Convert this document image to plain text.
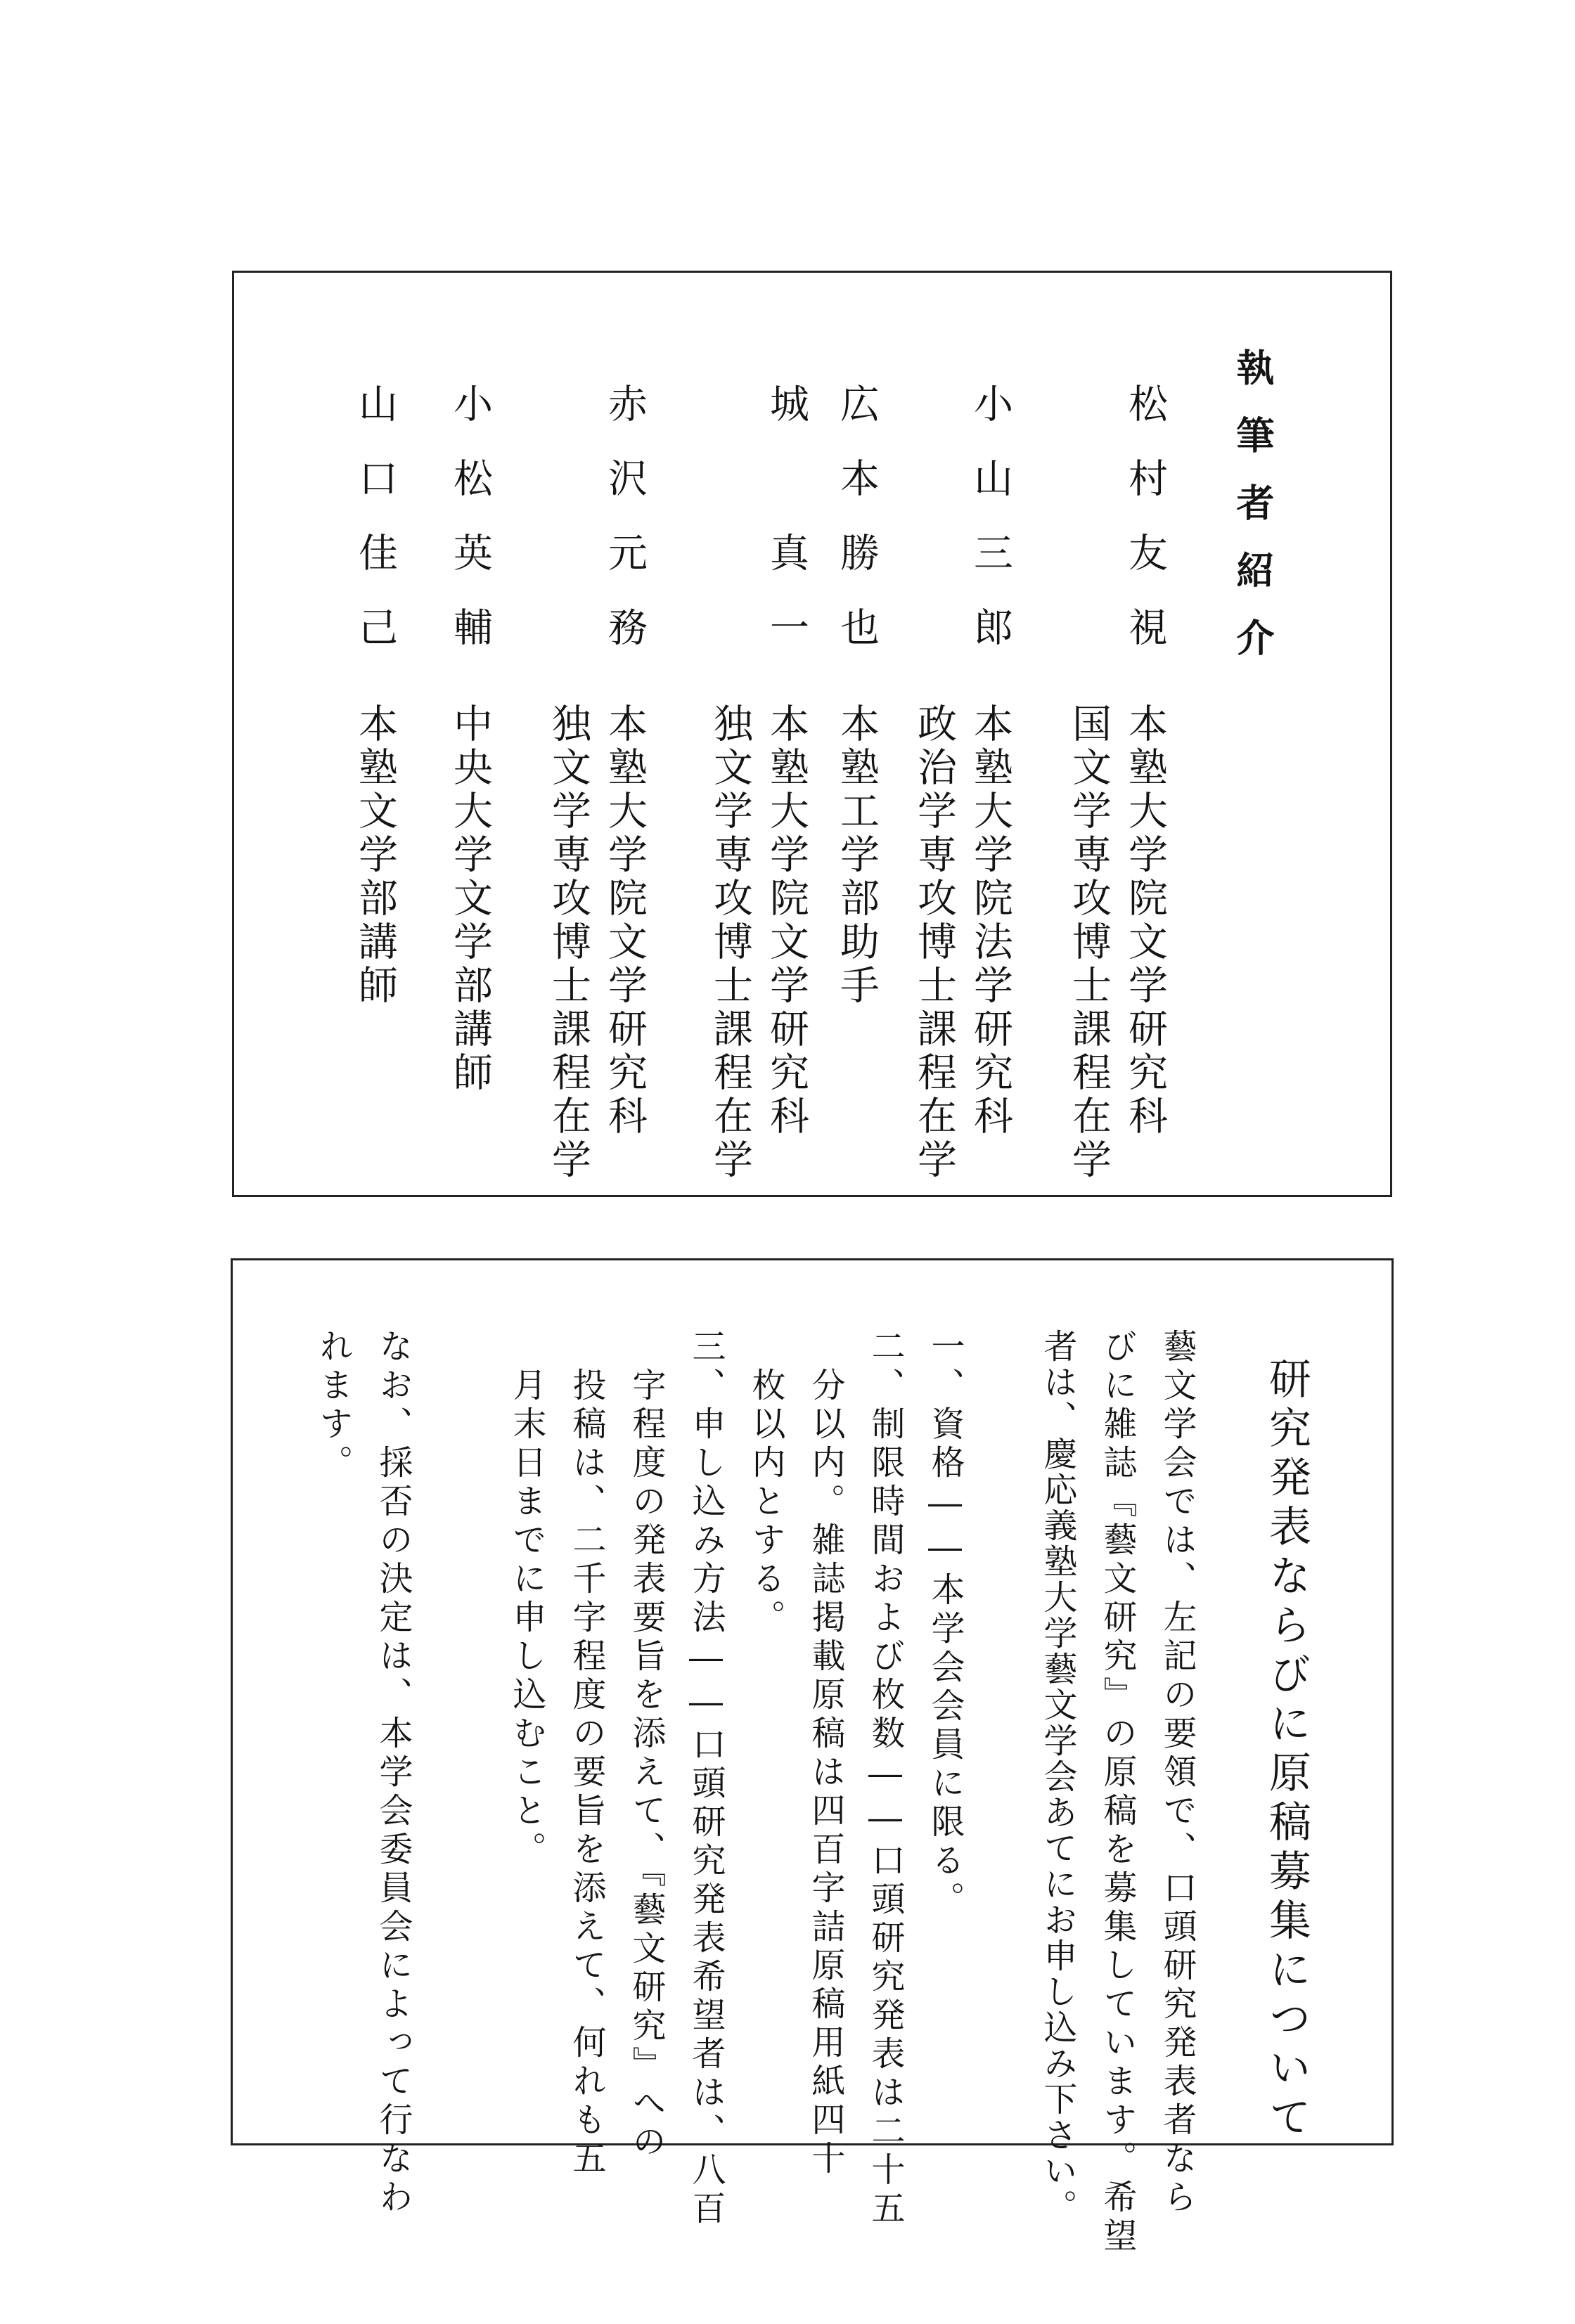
執筆者紹介
松村友視
本塾大学院文学研究科
国文学専攻博士課程在学
小山三郎
本塾大学院法学研究科
政治学専攻博士課程在学
広本勝也
本塾工学部助手
城　真一
本塾大学院文学研究科
独文学専攻博士課程在学
赤沢元務
本塾大学院文学研究科
独文学専攻博士課程在学
小松英輔
中央大学文学部講師
山口佳己
本塾文学部講師
研究発表ならびに原稿募集について
藝文学会では、左記の要領で、口頭研究発表者なら
びに雑誌『藝文研究』の原稿を募集しています。希望
者は、慶応義塾大学藝文学会あてにお申し込み下さい。
一、資格――本学会会員に限る。
二、制限時間および枚数――口頭研究発表は二十五
分以内。雑誌掲載原稿は四百字詰原稿用紙四十
枚以内とする。
三、申し込み方法――口頭研究発表希望者は、八百
字程度の発表要旨を添えて、『藝文研究』への
投稿は、二千字程度の要旨を添えて、何れも五
月末日までに申し込むこと。
なお、採否の決定は、本学会委員会によって行なわ
れます。
